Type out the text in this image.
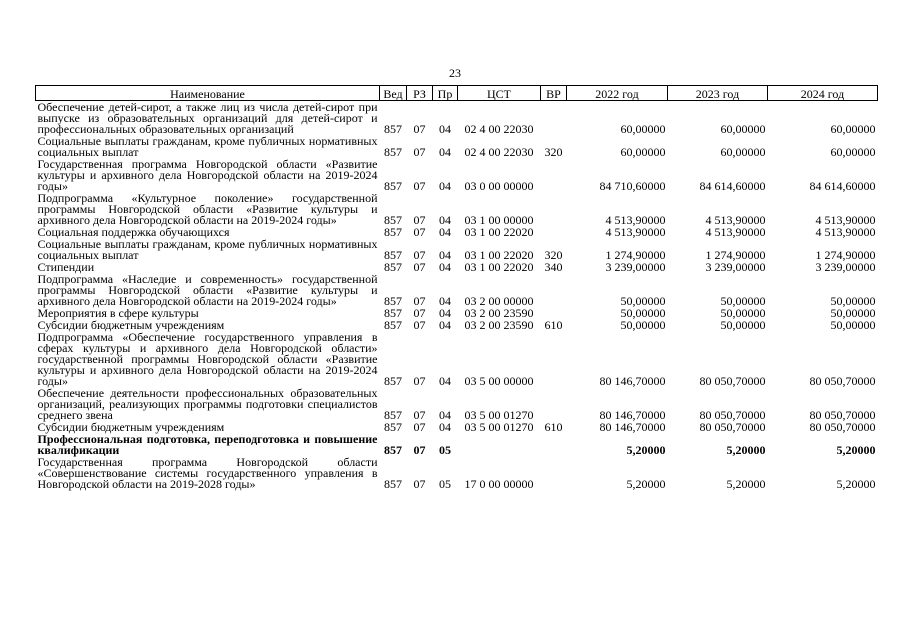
23
Наименование	Вед	РЗ	Пр	ЦСТ	ВР	2022 год	2023 год	2024 год
Обеспечение детей-сирот, а также лиц из числа детей-сирот при выпуске из образовательных организаций для детей-сирот и профессиональных образовательных организаций	857	07	04	02 4 00 22030		60,00000	60,00000	60,00000
Социальные выплаты гражданам, кроме публичных нормативных социальных выплат	857	07	04	02 4 00 22030	320	60,00000	60,00000	60,00000
Государственная программа Новгородской области «Развитие культуры и архивного дела Новгородской области на 2019-2024 годы»	857	07	04	03 0 00 00000		84 710,60000	84 614,60000	84 614,60000
Подпрограмма «Культурное поколение» государственной программы Новгородской области «Развитие культуры и архивного дела Новгородской области на 2019-2024 годы»	857	07	04	03 1 00 00000		4 513,90000	4 513,90000	4 513,90000
Социальная поддержка обучающихся	857	07	04	03 1 00 22020		4 513,90000	4 513,90000	4 513,90000
Социальные выплаты гражданам, кроме публичных нормативных социальных выплат	857	07	04	03 1 00 22020	320	1 274,90000	1 274,90000	1 274,90000
Стипендии	857	07	04	03 1 00 22020	340	3 239,00000	3 239,00000	3 239,00000
Подпрограмма «Наследие и современность» государственной программы Новгородской области «Развитие культуры и архивного дела Новгородской области на 2019-2024 годы»	857	07	04	03 2 00 00000		50,00000	50,00000	50,00000
Мероприятия в сфере культуры	857	07	04	03 2 00 23590		50,00000	50,00000	50,00000
Субсидии бюджетным учреждениям	857	07	04	03 2 00 23590	610	50,00000	50,00000	50,00000
Подпрограмма «Обеспечение государственного управления в сферах культуры и архивного дела Новгородской области» государственной программы Новгородской области «Развитие культуры и архивного дела Новгородской области на 2019-2024 годы»	857	07	04	03 5 00 00000		80 146,70000	80 050,70000	80 050,70000
Обеспечение деятельности профессиональных образовательных организаций, реализующих программы подготовки специалистов среднего звена	857	07	04	03 5 00 01270		80 146,70000	80 050,70000	80 050,70000
Субсидии бюджетным учреждениям	857	07	04	03 5 00 01270	610	80 146,70000	80 050,70000	80 050,70000
Профессиональная подготовка, переподготовка и повышение квалификации	857	07	05			5,20000	5,20000	5,20000
Государственная программа Новгородской области «Совершенствование системы государственного управления в Новгородской области на 2019-2028 годы»	857	07	05	17 0 00 00000		5,20000	5,20000	5,20000
